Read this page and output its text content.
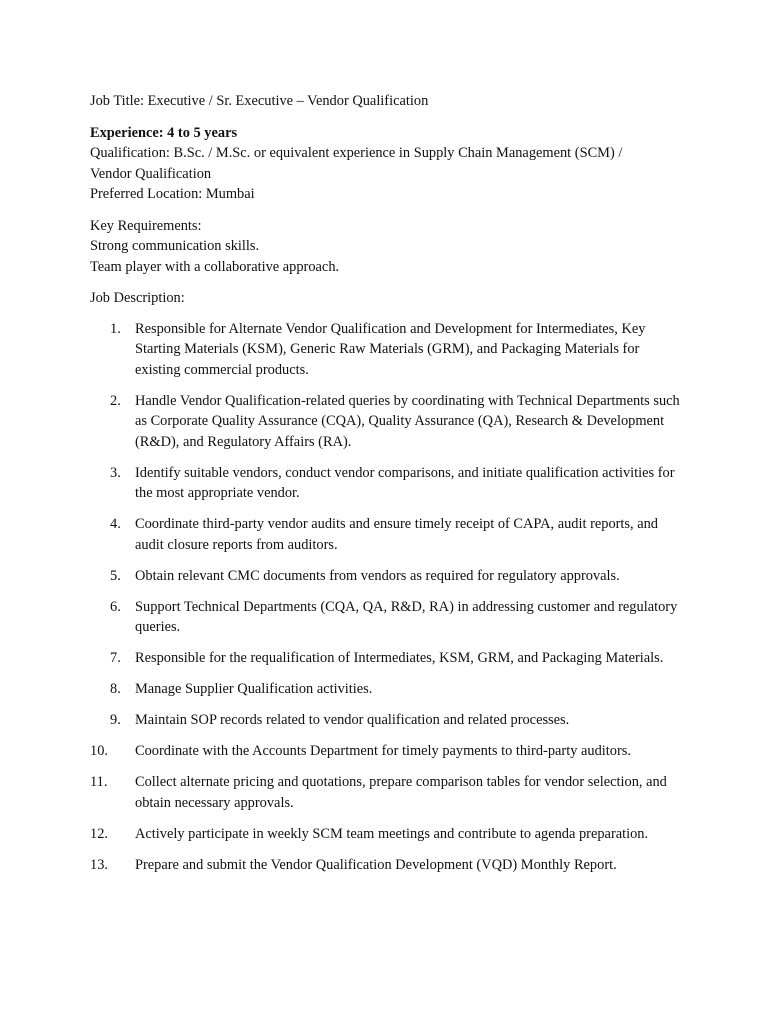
Job Title: Executive / Sr. Executive – Vendor Qualification

Experience: 4 to 5 years

Qualification: B.Sc. / M.Sc. or equivalent experience in Supply Chain Management (SCM) /

Vendor Qualification

Preferred Location: Mumbai

Key Requirements:

Strong communication skills.

Team player with a collaborative approach.

Job Description:

1. Responsible for Alternate Vendor Qualification and Development for Intermediates, Key Starting Materials (KSM), Generic Raw Materials (GRM), and Packaging Materials for existing commercial products.
2. Handle Vendor Qualification-related queries by coordinating with Technical Departments such as Corporate Quality Assurance (CQA), Quality Assurance (QA), Research & Development (R&D), and Regulatory Affairs (RA).
3. Identify suitable vendors, conduct vendor comparisons, and initiate qualification activities for the most appropriate vendor.
4. Coordinate third-party vendor audits and ensure timely receipt of CAPA, audit reports, and audit closure reports from auditors.
5. Obtain relevant CMC documents from vendors as required for regulatory approvals.
6. Support Technical Departments (CQA, QA, R&D, RA) in addressing customer and regulatory queries.
7. Responsible for the requalification of Intermediates, KSM, GRM, and Packaging Materials.
8. Manage Supplier Qualification activities.
9. Maintain SOP records related to vendor qualification and related processes.
10. Coordinate with the Accounts Department for timely payments to third-party auditors.
11. Collect alternate pricing and quotations, prepare comparison tables for vendor selection, and obtain necessary approvals.
12. Actively participate in weekly SCM team meetings and contribute to agenda preparation.
13. Prepare and submit the Vendor Qualification Development (VQD) Monthly Report.
